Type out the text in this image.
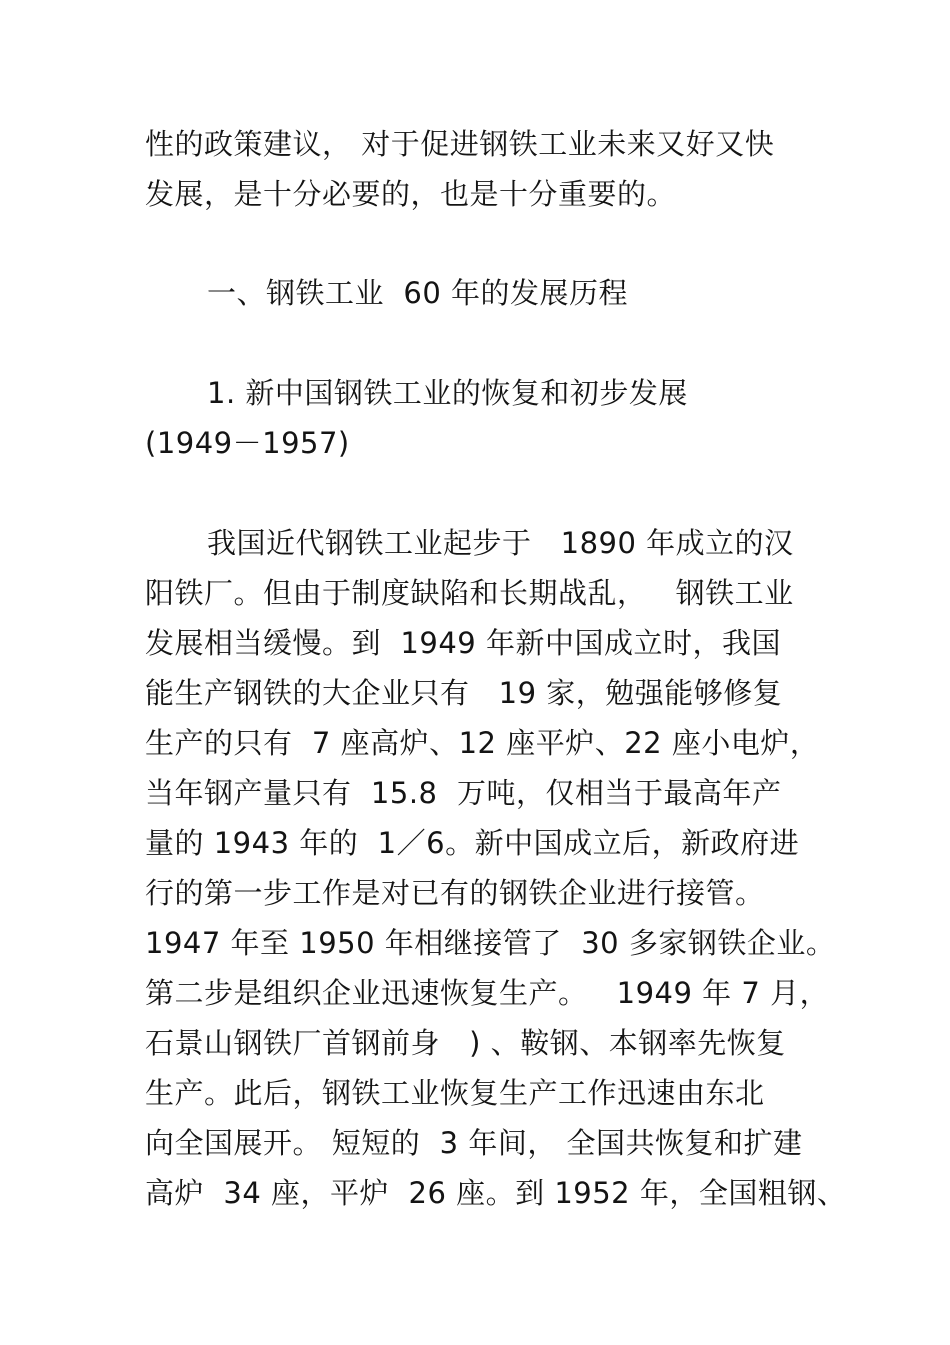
性的政策建议， 对于促进钢铁工业未来又好又快
发展，是十分必要的，也是十分重要的。
一、钢铁工业  60 年的发展历程
1. 新中国钢铁工业的恢复和初步发展
(1949－1957)
我国近代钢铁工业起步于   1890 年成立的汉
阳铁厂。但由于制度缺陷和长期战乱，   钢铁工业
发展相当缓慢。到  1949 年新中国成立时，我国
能生产钢铁的大企业只有   19 家，勉强能够修复
生产的只有  7 座高炉、12 座平炉、22 座小电炉，
当年钢产量只有  15.8  万吨，仅相当于最高年产
量的 1943 年的  1／6。新中国成立后，新政府进
行的第一步工作是对已有的钢铁企业进行接管。
1947 年至 1950 年相继接管了  30 多家钢铁企业。
第二步是组织企业迅速恢复生产。   1949 年 7 月，
石景山钢铁厂首钢前身   ) 、鞍钢、本钢率先恢复
生产。此后，钢铁工业恢复生产工作迅速由东北
向全国展开。 短短的  3 年间， 全国共恢复和扩建
高炉  34 座，平炉  26 座。到 1952 年，全国粗钢、
